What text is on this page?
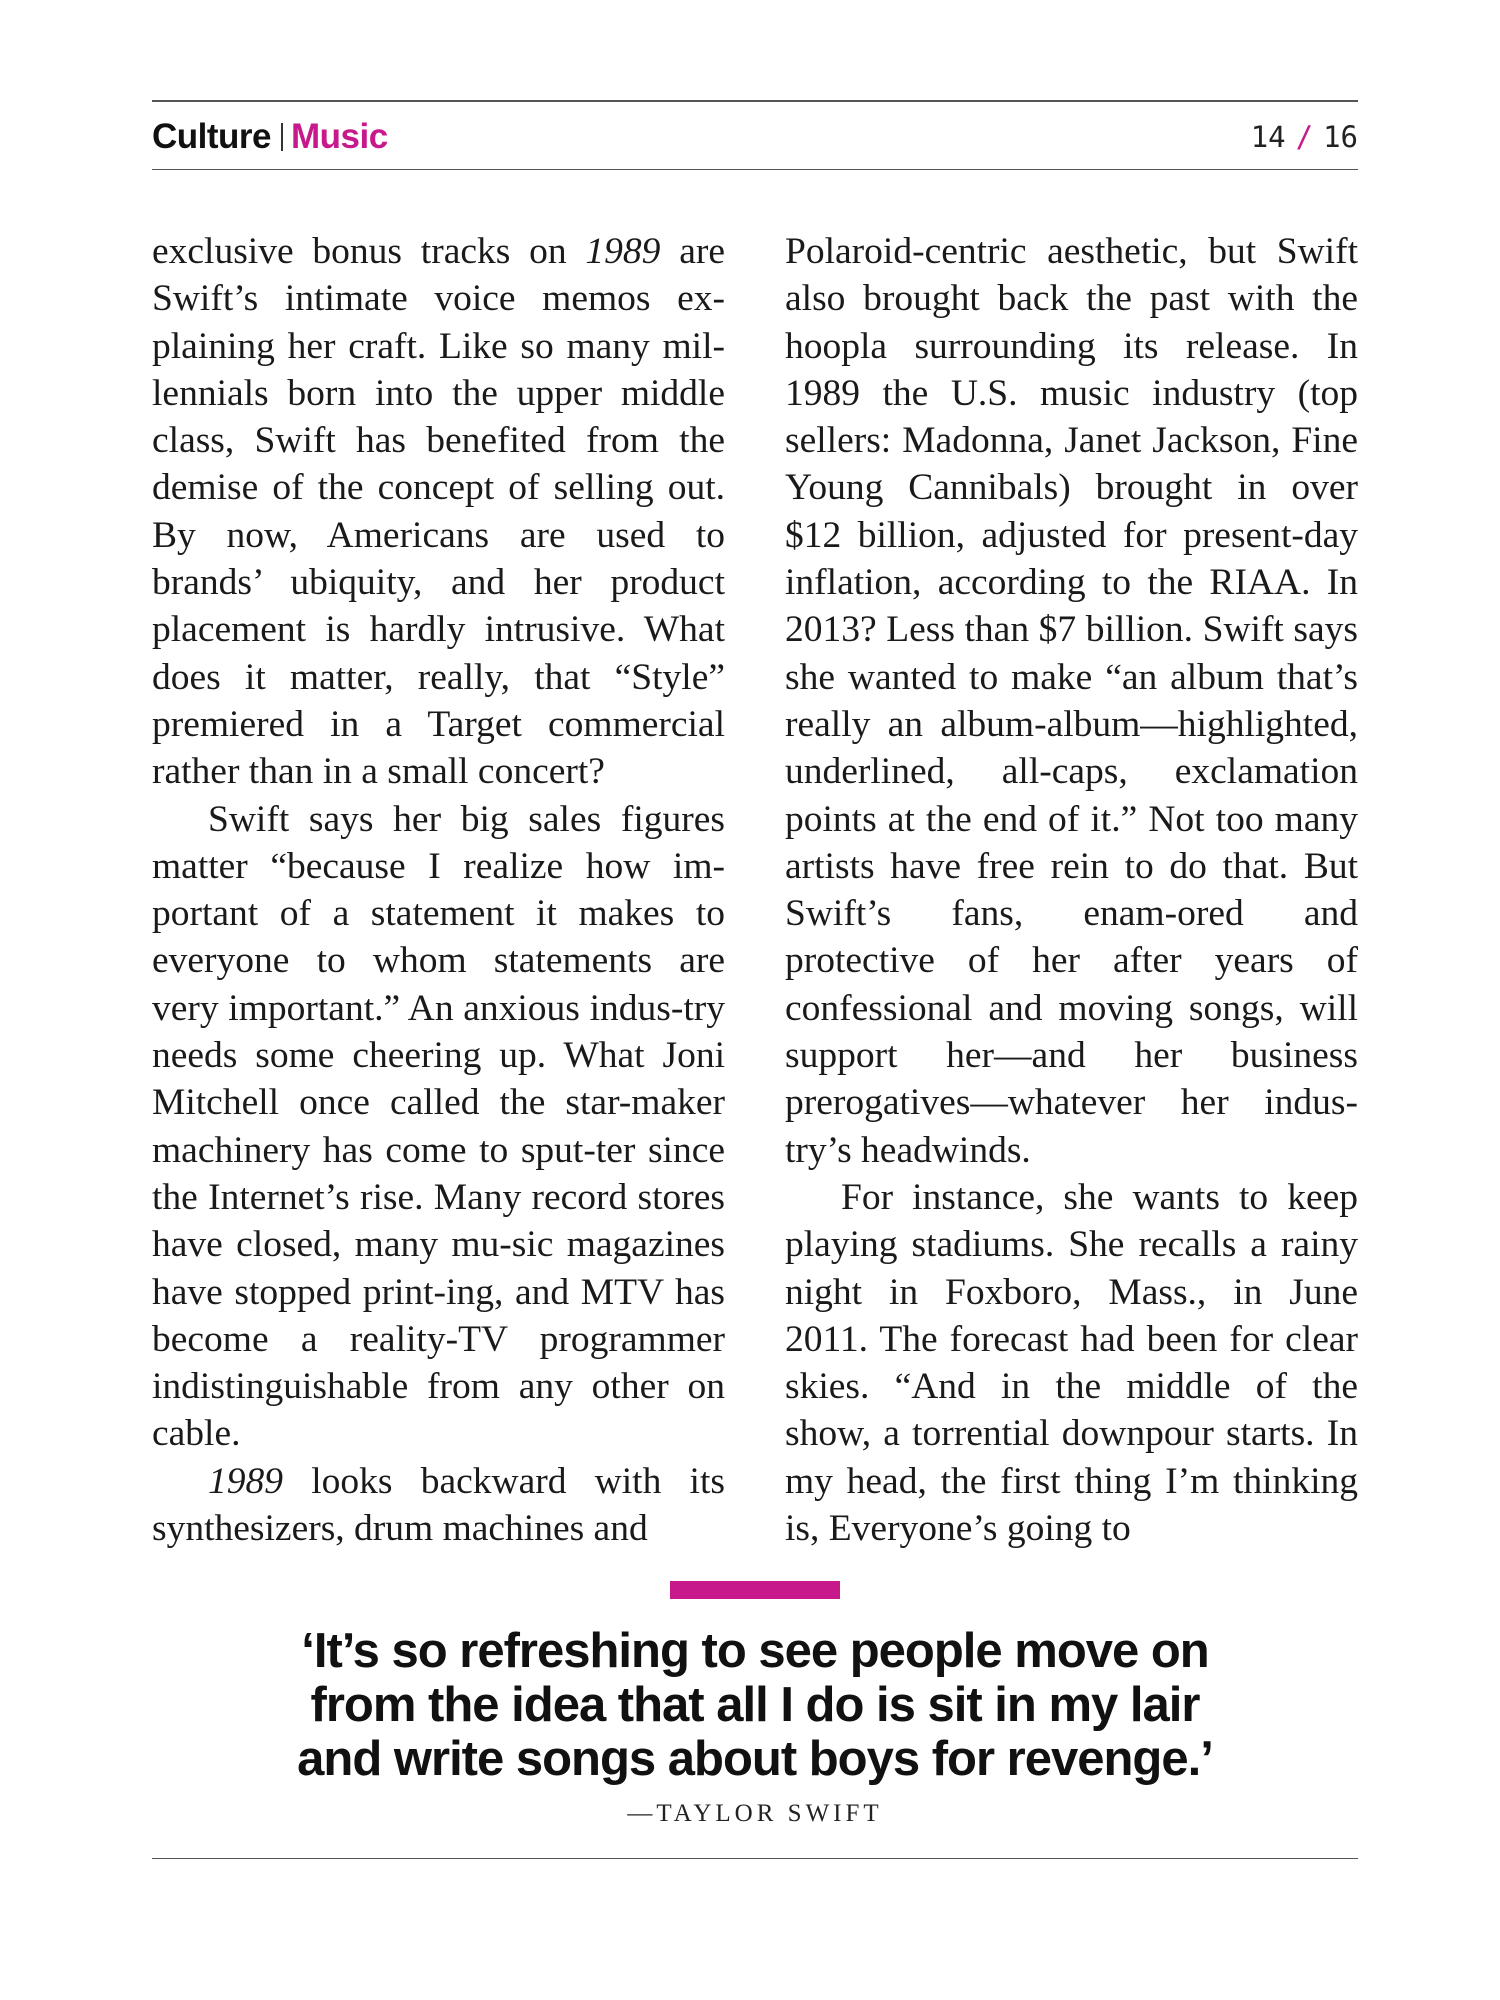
Culture Music	14 / 16

exclusive bonus tracks on 1989 are Swift’s intimate voice memos ex-plaining her craft. Like so many mil-lennials born into the upper middle class, Swift has benefited from the demise of the concept of selling out. By now, Americans are used to brands’ ubiquity, and her product placement is hardly intrusive. What does it matter, really, that “Style” premiered in a Target commercial rather than in a small concert?

Swift says her big sales figures matter “because I realize how im-portant of a statement it makes to everyone to whom statements are very important.” An anxious indus-try needs some cheering up. What Joni Mitchell once called the star-maker machinery has come to sput-ter since the Internet’s rise. Many record stores have closed, many mu-sic magazines have stopped print-ing, and MTV has become a reality-TV programmer indistinguishable from any other on cable.

1989 looks backward with its synthesizers, drum machines and

Polaroid-centric aesthetic, but Swift also brought back the past with the hoopla surrounding its release. In 1989 the U.S. music industry (top sellers: Madonna, Janet Jackson, Fine Young Cannibals) brought in over $12 billion, adjusted for present-day inflation, according to the RIAA. In 2013? Less than $7 billion. Swift says she wanted to make “an album that’s really an album-album—highlighted, underlined, all-caps, exclamation points at the end of it.” Not too many artists have free rein to do that. But Swift’s fans, enam-ored and protective of her after years of confessional and moving songs, will support her—and her business prerogatives—whatever her indus-try’s headwinds.

For instance, she wants to keep playing stadiums. She recalls a rainy night in Foxboro, Mass., in June 2011. The forecast had been for clear skies. “And in the middle of the show, a torrential downpour starts. In my head, the first thing I’m thinking is, Everyone’s going to

‘It’s so refreshing to see people move on
from the idea that all I do is sit in my lair
and write songs about boys for revenge.’
—TAYLOR SWIFT
